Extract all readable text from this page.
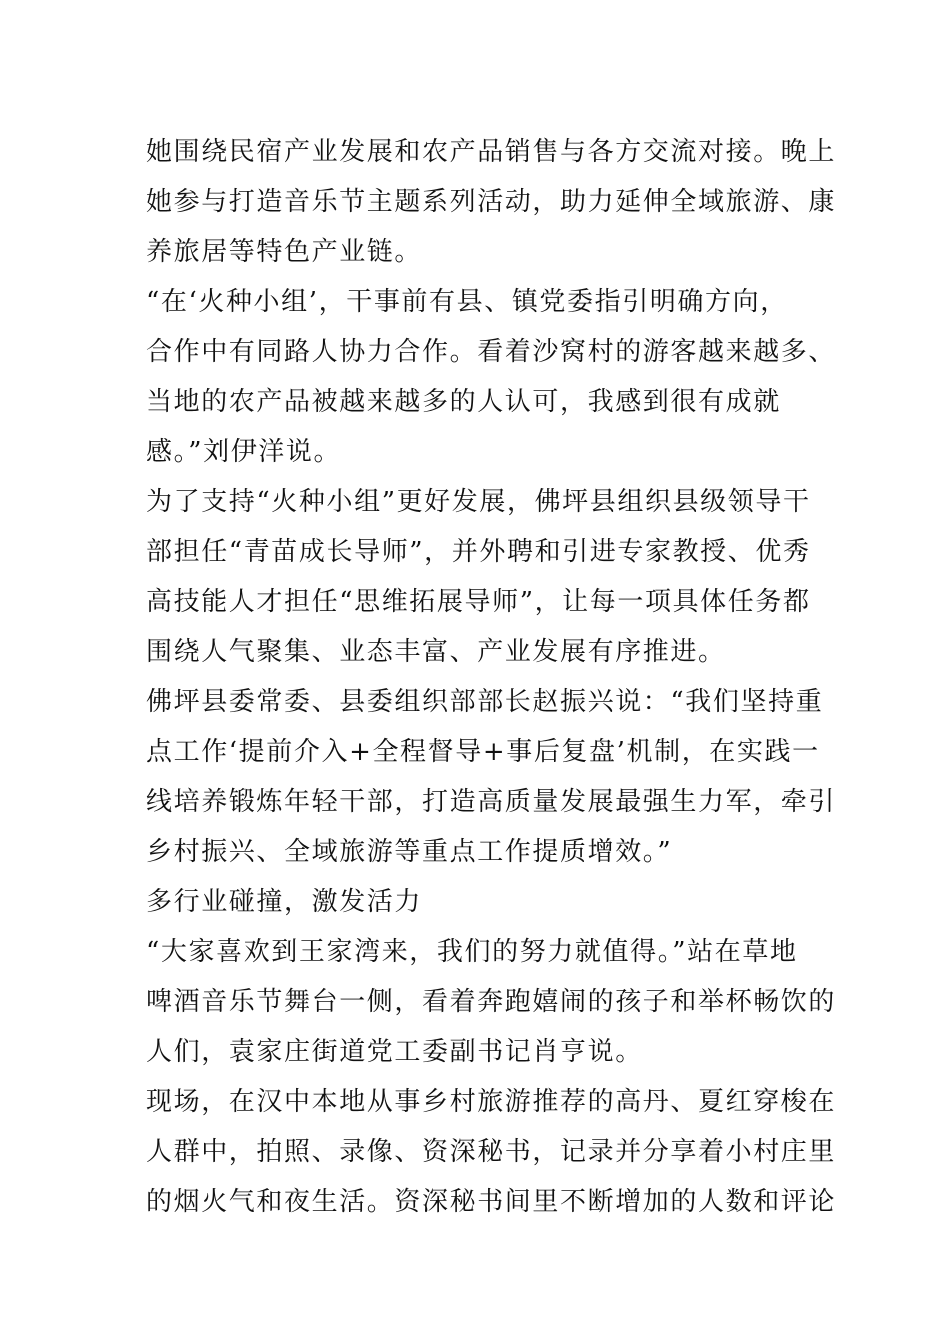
她围绕民宿产业发展和农产品销售与各方交流对接。晚上
她参与打造音乐节主题系列活动，助力延伸全域旅游、康
养旅居等特色产业链。

“在‘火种小组’，干事前有县、镇党委指引明确方向，
合作中有同路人协力合作。看着沙窝村的游客越来越多、
当地的农产品被越来越多的人认可，我感到很有成就
感。”刘伊洋说。

为了支持“火种小组”更好发展，佛坪县组织县级领导干
部担任“青苗成长导师”，并外聘和引进专家教授、优秀
高技能人才担任“思维拓展导师”，让每一项具体任务都
围绕人气聚集、业态丰富、产业发展有序推进。

佛坪县委常委、县委组织部部长赵振兴说：“我们坚持重
点工作‘提前介入+全程督导+事后复盘’机制，在实践一
线培养锻炼年轻干部，打造高质量发展最强生力军，牵引
乡村振兴、全域旅游等重点工作提质增效。”

多行业碰撞，激发活力

“大家喜欢到王家湾来，我们的努力就值得。”站在草地
啤酒音乐节舞台一侧，看着奔跑嬉闹的孩子和举杯畅饮的
人们，袁家庄街道党工委副书记肖亨说。

现场，在汉中本地从事乡村旅游推荐的高丹、夏红穿梭在
人群中，拍照、录像、资深秘书，记录并分享着小村庄里
的烟火气和夜生活。资深秘书间里不断增加的人数和评论
